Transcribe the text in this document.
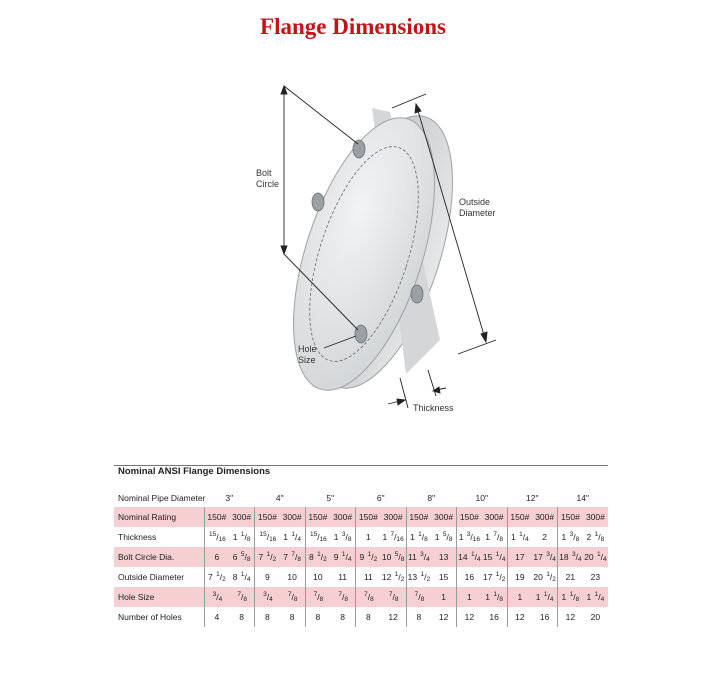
Flange Dimensions
Bolt
Circle
Outside
Diameter
Hole
Size
Thickness
Nominal ANSI Flange Dimensions
Nominal Pipe Diameter	3"		4"		5"		6"		8"		10"		12"		14"	
Nominal Rating	150#	300#	150#	300#	150#	300#	150#	300#	150#	300#	150#	300#	150#	300#	150#	300#
Thickness	$^{15}$/16	1 $^1$/8	$^{15}$/16	1 $^1$/4	$^{15}$/16	1 $^3$/8	1	1 $^7$/16	1 $^1$/8	1 $^5$/8	1 $^3$/16	1 $^7$/8	1 $^1$/4	2	1 $^3$/8	2 $^1$/8
Bolt Circle Dia.	6	6 $^5$/8	7 $^1$/2	7 $^7$/8	8 $^1$/2	9 $^1$/4	9 $^1$/2	10 $^5$/8	11 $^3$/4	13	14 $^1$/4	15 $^1$/4	17	17 $^3$/4	18 $^3$/4	20 $^1$/4
Outside Diameter	7 $^1$/2	8 $^1$/4	9	10	10	11	11	12 $^1$/2	13 $^1$/2	15	16	17 $^1$/2	19	20 $^1$/2	21	23
Hole Size	$^3$/4	$^7$/8	$^3$/4	$^7$/8	$^7$/8	$^7$/8	$^7$/8	$^7$/8	$^7$/8	1	1	1 $^1$/8	1	1 $^1$/4	1 $^1$/8	1 $^1$/4
Number of Holes	4	8	8	8	8	8	8	12	8	12	12	16	12	16	12	20
